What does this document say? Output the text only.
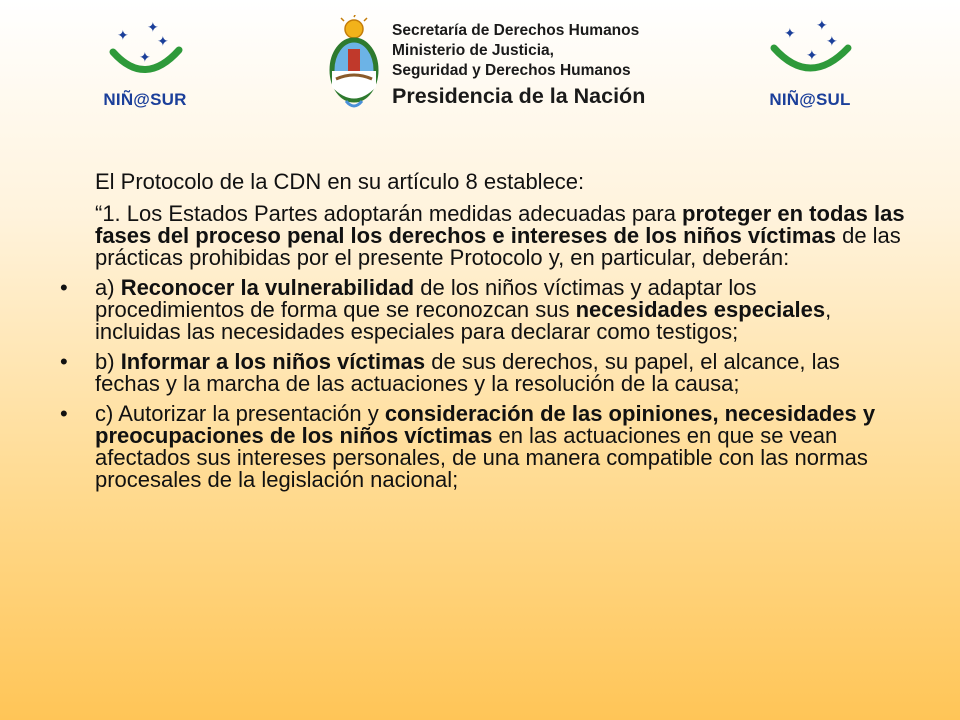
✦ ✦
✦
✦
NIÑ@SUR
Secretaría de Derechos Humanos
Ministerio de Justicia,
Seguridad y Derechos Humanos
Presidencia de la Nación
✦ ✦
✦
✦
NIÑ@SUL

El Protocolo de la CDN en su artículo 8 establece:

“1. Los Estados Partes adoptarán medidas adecuadas para proteger en todas las fases del proceso penal los derechos e intereses de los niños víctimas de las prácticas prohibidas por el presente Protocolo y, en particular, deberán:

•	a) Reconocer la vulnerabilidad de los niños víctimas y adaptar los procedimientos de forma que se reconozcan sus necesidades especiales, incluidas las necesidades especiales para declarar como testigos;
•	b) Informar a los niños víctimas de sus derechos, su papel, el alcance, las fechas y la marcha de las actuaciones y la resolución de la causa;
•	c) Autorizar la presentación y consideración de las opiniones, necesidades y preocupaciones de los niños víctimas en las actuaciones en que se vean afectados sus intereses personales, de una manera compatible con las normas procesales de la legislación nacional;
